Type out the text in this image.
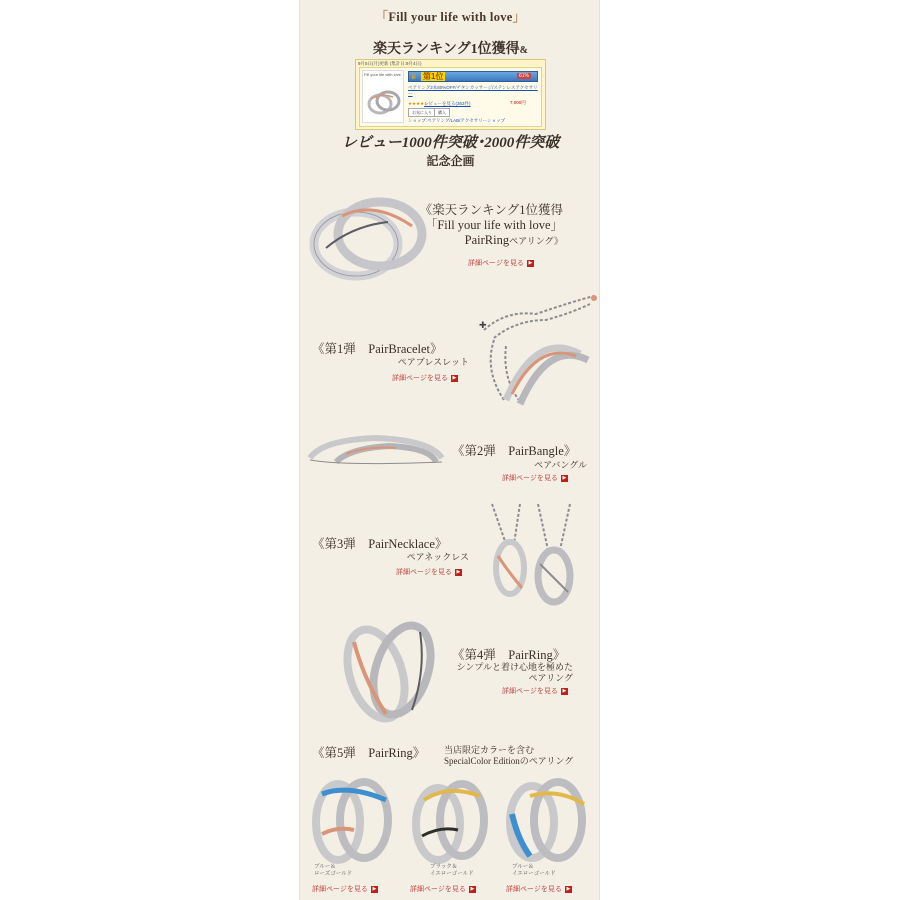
「Fill your life with love」
楽天ランキング1位獲得&
9月5日(月)更新 (集計日:9月4日)
Fill your life with love ♛ 第1位	61%
ペアリング2本80%OFF/チタンカッサージ/ステンレスアクセサリー
★★★★☆
レビューを見る(363件)	7,000円
お気に入り	購入
ショップ:ペアリング/LAB/アクセサリーショップ
レビュー1000件突破･2000件突破
記念企画
《楽天ランキング1位獲得
「Fill your life with love」
PairRingペアリング》
詳細ページを見る ▶
《第1弾　PairBracelet》
ペアブレスレット
詳細ページを見る ▶
✚
《第2弾　PairBangle》
ペアバングル
詳細ページを見る ▶
《第3弾　PairNecklace》
ペアネックレス
詳細ページを見る ▶
《第4弾　PairRing》
シンプルと着け心地を極めた
ペアリング
詳細ページを見る ▶
《第5弾　PairRing》 当店限定カラーを含む
SpecialColor Editionのペアリング
ブルー＆
ローズゴールド
詳細ページを見る ▶
ブラック＆
イエローゴールド
詳細ページを見る ▶
ブルー＆
イエローゴールド
詳細ページを見る ▶
